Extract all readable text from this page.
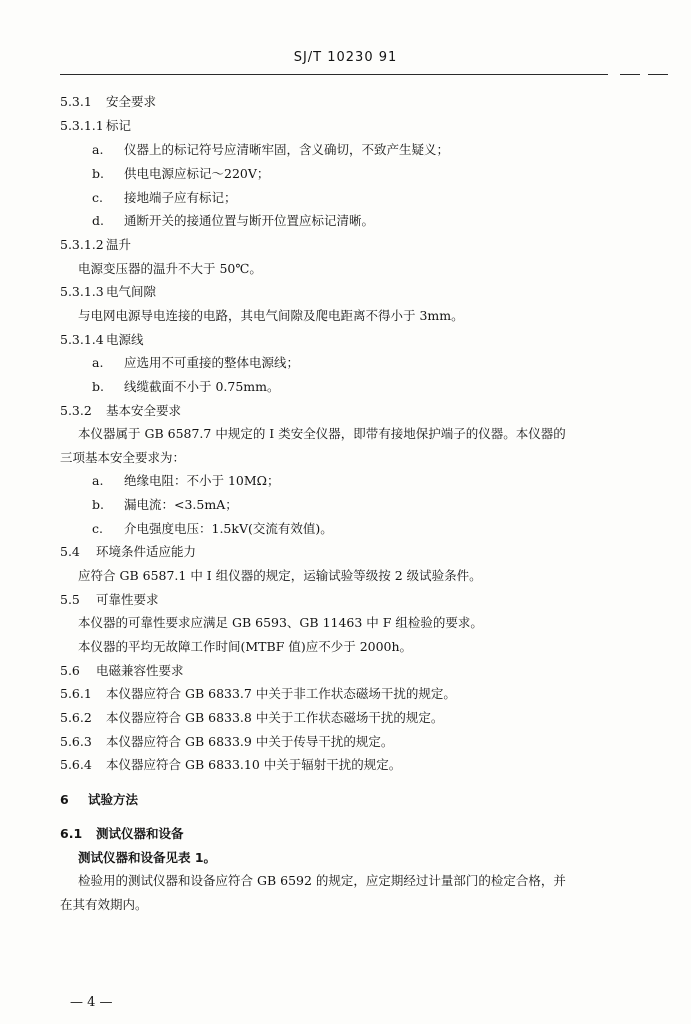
SJ/T 10230 91
5.3.1 安全要求
5.3.1.1 标记
a. 仪器上的标记符号应清晰牢固，含义确切，不致产生疑义；
b. 供电电源应标记～220V；
c. 接地端子应有标记；
d. 通断开关的接通位置与断开位置应标记清晰。
5.3.1.2 温升
电源变压器的温升不大于 50℃。
5.3.1.3 电气间隙
与电网电源导电连接的电路，其电气间隙及爬电距离不得小于 3mm。
5.3.1.4 电源线
a. 应选用不可重接的整体电源线；
b. 线缆截面不小于 0.75mm。
5.3.2 基本安全要求
本仪器属于 GB 6587.7 中规定的 I 类安全仪器，即带有接地保护端子的仪器。本仪器的
三项基本安全要求为：
a. 绝缘电阻：不小于 10MΩ；
b. 漏电流：<3.5mA；
c. 介电强度电压：1.5kV(交流有效值)。
5.4 环境条件适应能力
应符合 GB 6587.1 中 I 组仪器的规定，运输试验等级按 2 级试验条件。
5.5 可靠性要求
本仪器的可靠性要求应满足 GB 6593、GB 11463 中 F 组检验的要求。
本仪器的平均无故障工作时间(MTBF 值)应不少于 2000h。
5.6 电磁兼容性要求
5.6.1 本仪器应符合 GB 6833.7 中关于非工作状态磁场干扰的规定。
5.6.2 本仪器应符合 GB 6833.8 中关于工作状态磁场干扰的规定。
5.6.3 本仪器应符合 GB 6833.9 中关于传导干扰的规定。
5.6.4 本仪器应符合 GB 6833.10 中关于辐射干扰的规定。
6 试验方法
6.1 测试仪器和设备
测试仪器和设备见表 1。
检验用的测试仪器和设备应符合 GB 6592 的规定，应定期经过计量部门的检定合格，并
在其有效期内。
— 4 —
